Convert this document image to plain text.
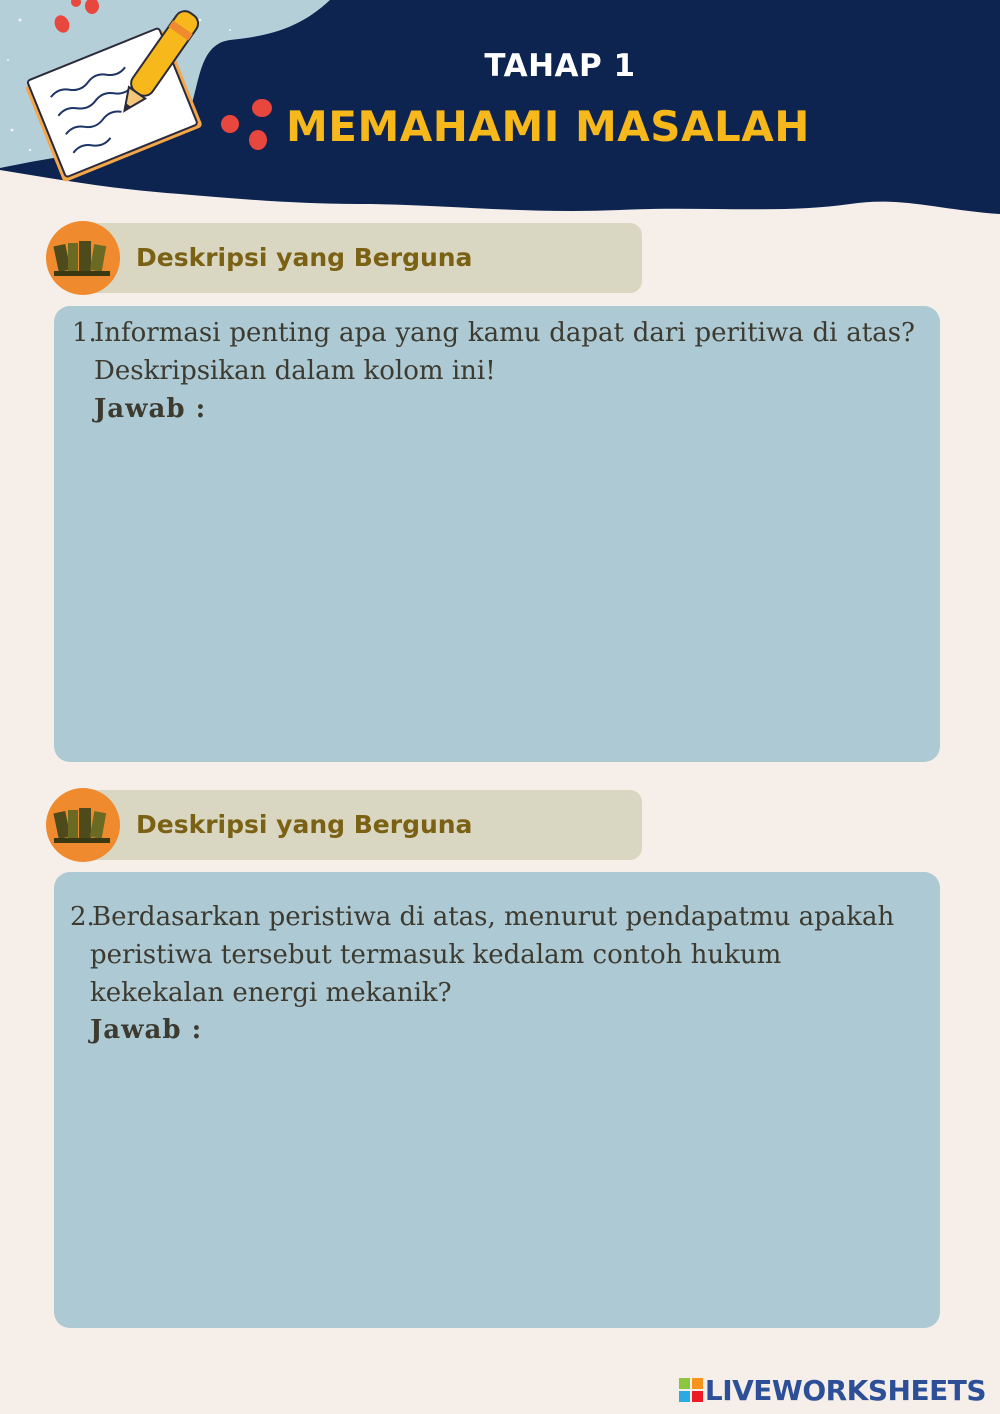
TAHAP 1
MEMAHAMI MASALAH
Deskripsi yang Berguna
1.
Informasi penting apa yang kamu dapat dari peritiwa di atas? Deskripsikan dalam kolom ini!
Jawab :
Deskripsi yang Berguna
2.
Berdasarkan peristiwa di atas, menurut pendapatmu apakah peristiwa tersebut termasuk kedalam contoh hukum kekekalan energi mekanik?
Jawab :
LIVEWORKSHEETS
